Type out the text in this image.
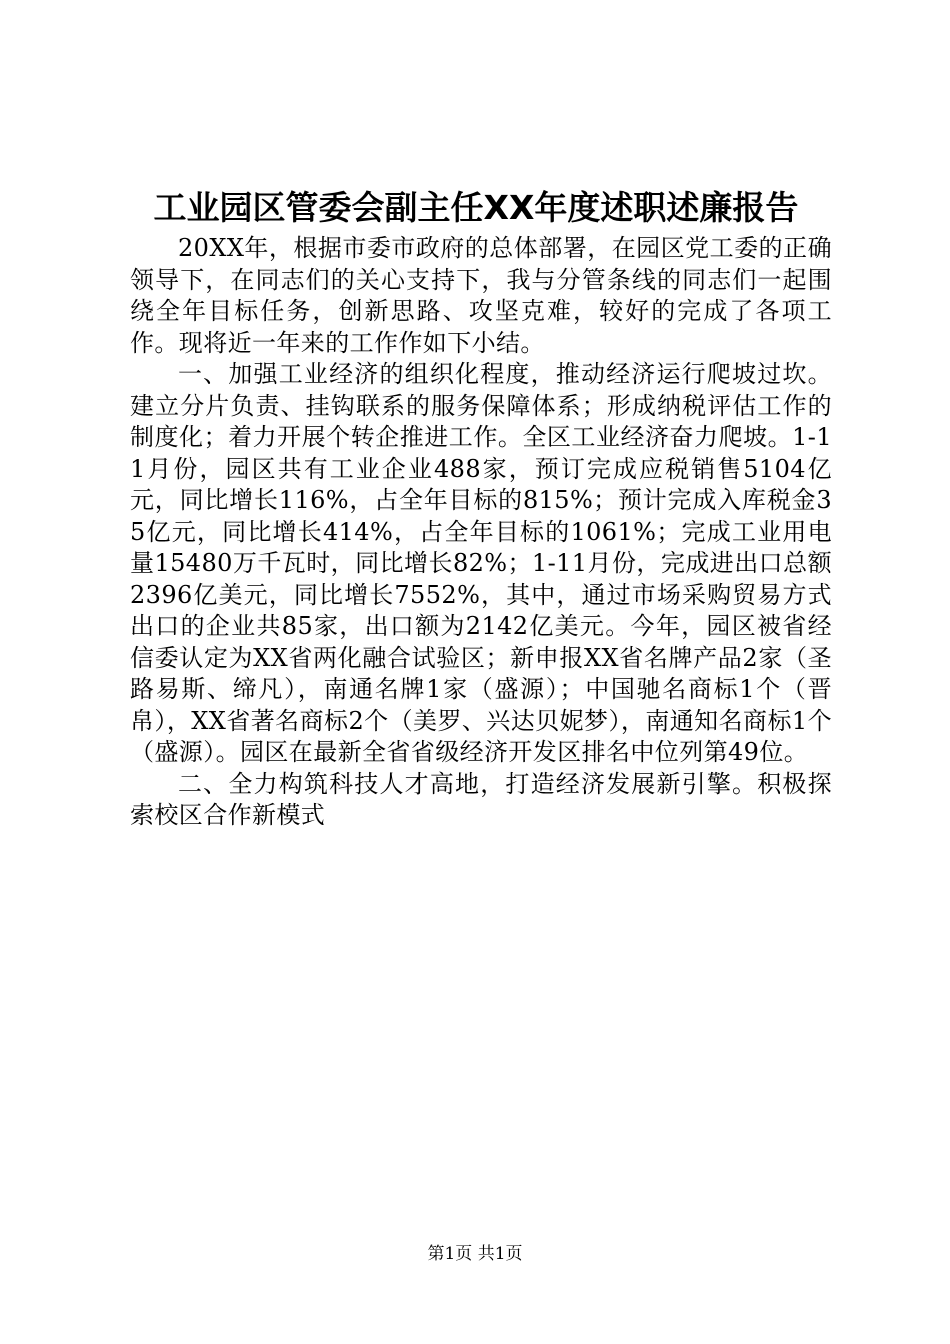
工业园区管委会副主任XX年度述职述廉报告

20XX年，根据市委市政府的总体部署，在园区党工委的正确领导下，在同志们的关心支持下，我与分管条线的同志们一起围绕全年目标任务，创新思路、攻坚克难，较好的完成了各项工作。现将近一年来的工作作如下小结。

一、加强工业经济的组织化程度，推动经济运行爬坡过坎。建立分片负责、挂钩联系的服务保障体系；形成纳税评估工作的制度化；着力开展个转企推进工作。全区工业经济奋力爬坡。1-11月份，园区共有工业企业488家，预订完成应税销售5104亿元，同比增长116%，占全年目标的815%；预计完成入库税金35亿元，同比增长414%，占全年目标的1061%；完成工业用电量15480万千瓦时，同比增长82%；1-11月份，完成进出口总额2396亿美元，同比增长7552%，其中，通过市场采购贸易方式出口的企业共85家，出口额为2142亿美元。今年，园区被省经信委认定为XX省两化融合试验区；新申报XX省名牌产品2家（圣路易斯、缔凡），南通名牌1家（盛源）；中国驰名商标1个（晋帛），XX省著名商标2个（美罗、兴达贝妮梦），南通知名商标1个（盛源）。园区在最新全省省级经济开发区排名中位列第49位。

二、全力构筑科技人才高地，打造经济发展新引擎。积极探索校区合作新模式

第1页 共1页
